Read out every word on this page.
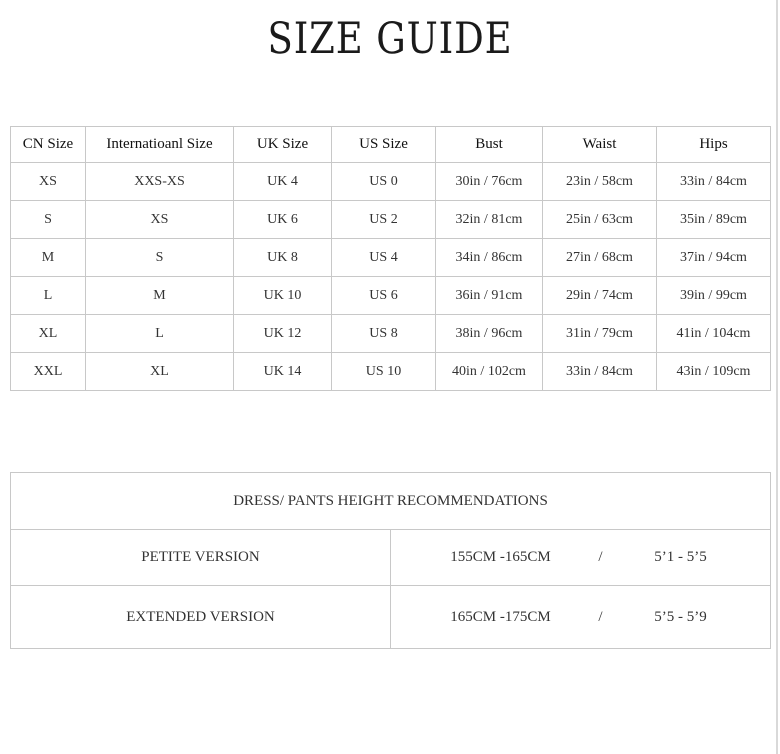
SIZE GUIDE
CN Size	Internatioanl Size	UK Size	US Size	Bust	Waist	Hips
XS	XXS-XS	UK 4	US 0	30in / 76cm	23in / 58cm	33in / 84cm
S	XS	UK 6	US 2	32in / 81cm	25in / 63cm	35in / 89cm
M	S	UK 8	US 4	34in / 86cm	27in / 68cm	37in / 94cm
L	M	UK 10	US 6	36in / 91cm	29in / 74cm	39in / 99cm
XL	L	UK 12	US 8	38in / 96cm	31in / 79cm	41in / 104cm
XXL	XL	UK 14	US 10	40in / 102cm	33in / 84cm	43in / 109cm
DRESS/ PANTS HEIGHT RECOMMENDATIONS	
PETITE VERSION	155CM -165CM / 5’1 - 5’5

EXTENDED VERSION	165CM -175CM / 5’5 - 5’9
